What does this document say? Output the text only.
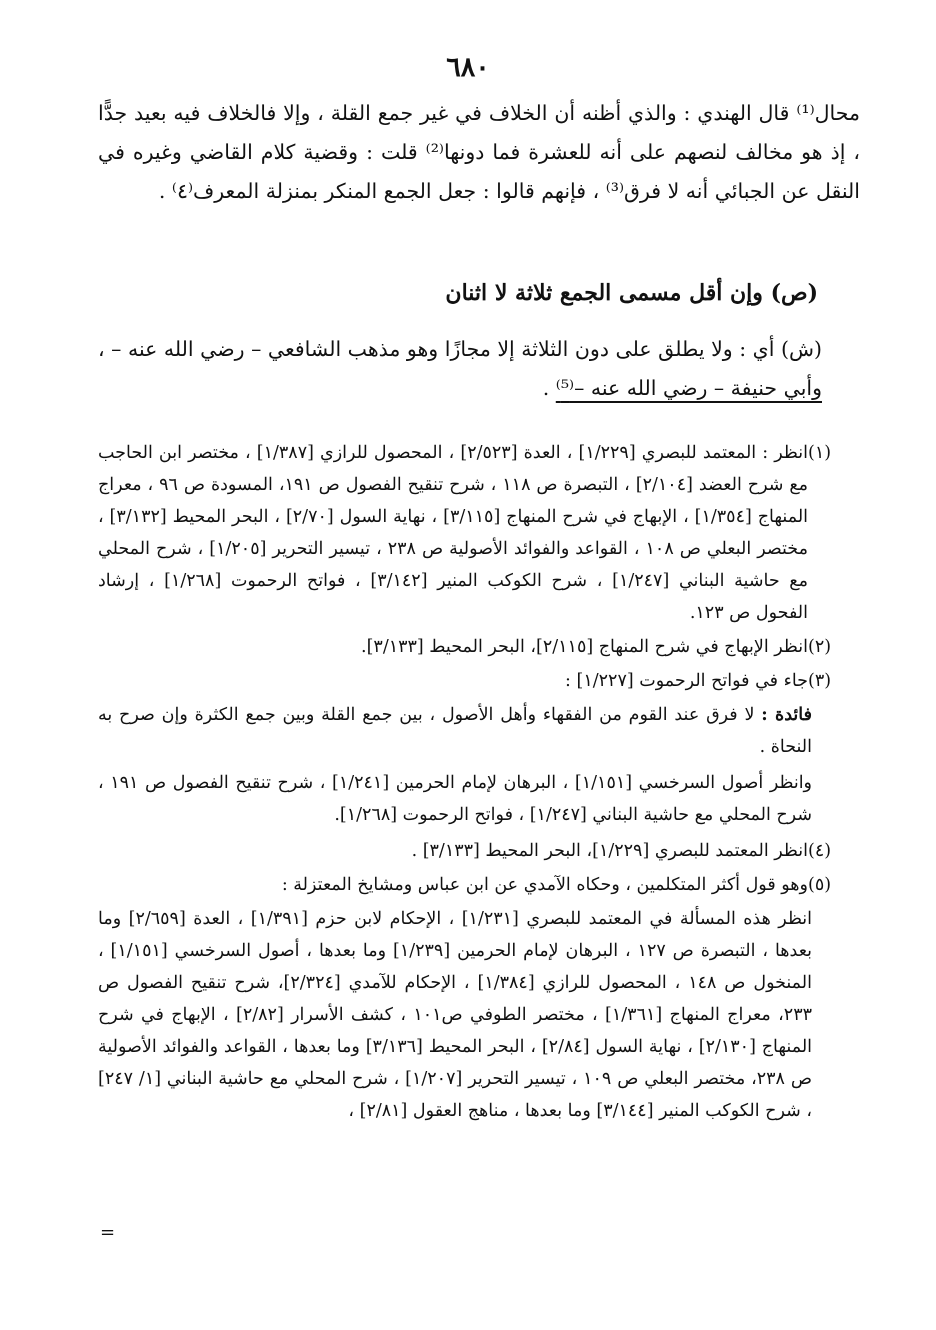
٦٨٠

محال⁽¹⁾ قال الهندي : والذي أظنه أن الخلاف في غير جمع القلة ، وإلا فالخلاف فيه بعيد جدًّا ، إذ هو مخالف لنصهم على أنه للعشرة فما دونها⁽²⁾ قلت : وقضية كلام القاضي وغيره في النقل عن الجبائي أنه لا فرق⁽³⁾ ، فإنهم قالوا : جعل الجمع المنكر بمنزلة المعرف⁽٤⁾ .

(ص) وإن أقل مسمى الجمع ثلاثة لا اثنان

(ش) أي : ولا يطلق على دون الثلاثة إلا مجازًا وهو مذهب الشافعي – رضي الله عنه – ، وأبي حنيفة – رضي الله عنه –⁽⁵⁾ .

(١)
انظر : المعتمد للبصري [١/٢٢٩] ، العدة [٢/٥٢٣] ، المحصول للرازي [١/٣٨٧] ، مختصر ابن الحاجب مع شرح العضد [٢/١٠٤] ، التبصرة ص ١١٨ ، شرح تنقيح الفصول ص ١٩١، المسودة ص ٩٦ ، معراج المنهاج [١/٣٥٤] ، الإبهاج في شرح المنهاج [٣/١١٥] ، نهاية السول [٢/٧٠] ، البحر المحيط [٣/١٣٢] ، مختصر البعلي ص ١٠٨ ، القواعد والفوائد الأصولية ص ٢٣٨ ، تيسير التحرير [١/٢٠٥] ، شرح المحلي مع حاشية البناني [١/٢٤٧] ، شرح الكوكب المنير [٣/١٤٢] ، فواتح الرحموت [١/٢٦٨] ، إرشاد الفحول ص ١٢٣.
(٢)
انظر الإبهاج في شرح المنهاج [٢/١١٥]، البحر المحيط [٣/١٣٣].
(٣)
جاء في فواتح الرحموت [١/٢٢٧] :
فائدة : لا فرق عند القوم من الفقهاء وأهل الأصول ، بين جمع القلة وبين جمع الكثرة وإن صرح به النحاة .
وانظر أصول السرخسي [١/١٥١] ، البرهان لإمام الحرمين [١/٢٤١] ، شرح تنقيح الفصول ص ١٩١ ، شرح المحلي مع حاشية البناني [١/٢٤٧] ، فواتح الرحموت [١/٢٦٨].
(٤)
انظر المعتمد للبصري [١/٢٢٩]، البحر المحيط [٣/١٣٣] .
(٥)
وهو قول أكثر المتكلمين ، وحكاه الآمدي عن ابن عباس ومشايخ المعتزلة :
انظر هذه المسألة في المعتمد للبصري [١/٢٣١] ، الإحكام لابن حزم [١/٣٩١] ، العدة [٢/٦٥٩] وما بعدها ، التبصرة ص ١٢٧ ، البرهان لإمام الحرمين [١/٢٣٩] وما بعدها ، أصول السرخسي [١/١٥١] ، المنخول ص ١٤٨ ، المحصول للرازي [١/٣٨٤] ، الإحكام للآمدي [٢/٣٢٤]، شرح تنقيح الفصول ص ٢٣٣، معراج المنهاج [١/٣٦١] ، مختصر الطوفي ص١٠١ ، كشف الأسرار [٢/٨٢] ، الإبهاج في شرح المنهاج [٢/١٣٠] ، نهاية السول [٢/٨٤] ، البحر المحيط [٣/١٣٦] وما بعدها ، القواعد والفوائد الأصولية ص ٢٣٨، مختصر البعلي ص ١٠٩ ، تيسير التحرير [١/٢٠٧] ، شرح المحلي مع حاشية البناني [١/ ٢٤٧] ، شرح الكوكب المنير [٣/١٤٤] وما بعدها ، مناهج العقول [٢/٨١] ،
=
